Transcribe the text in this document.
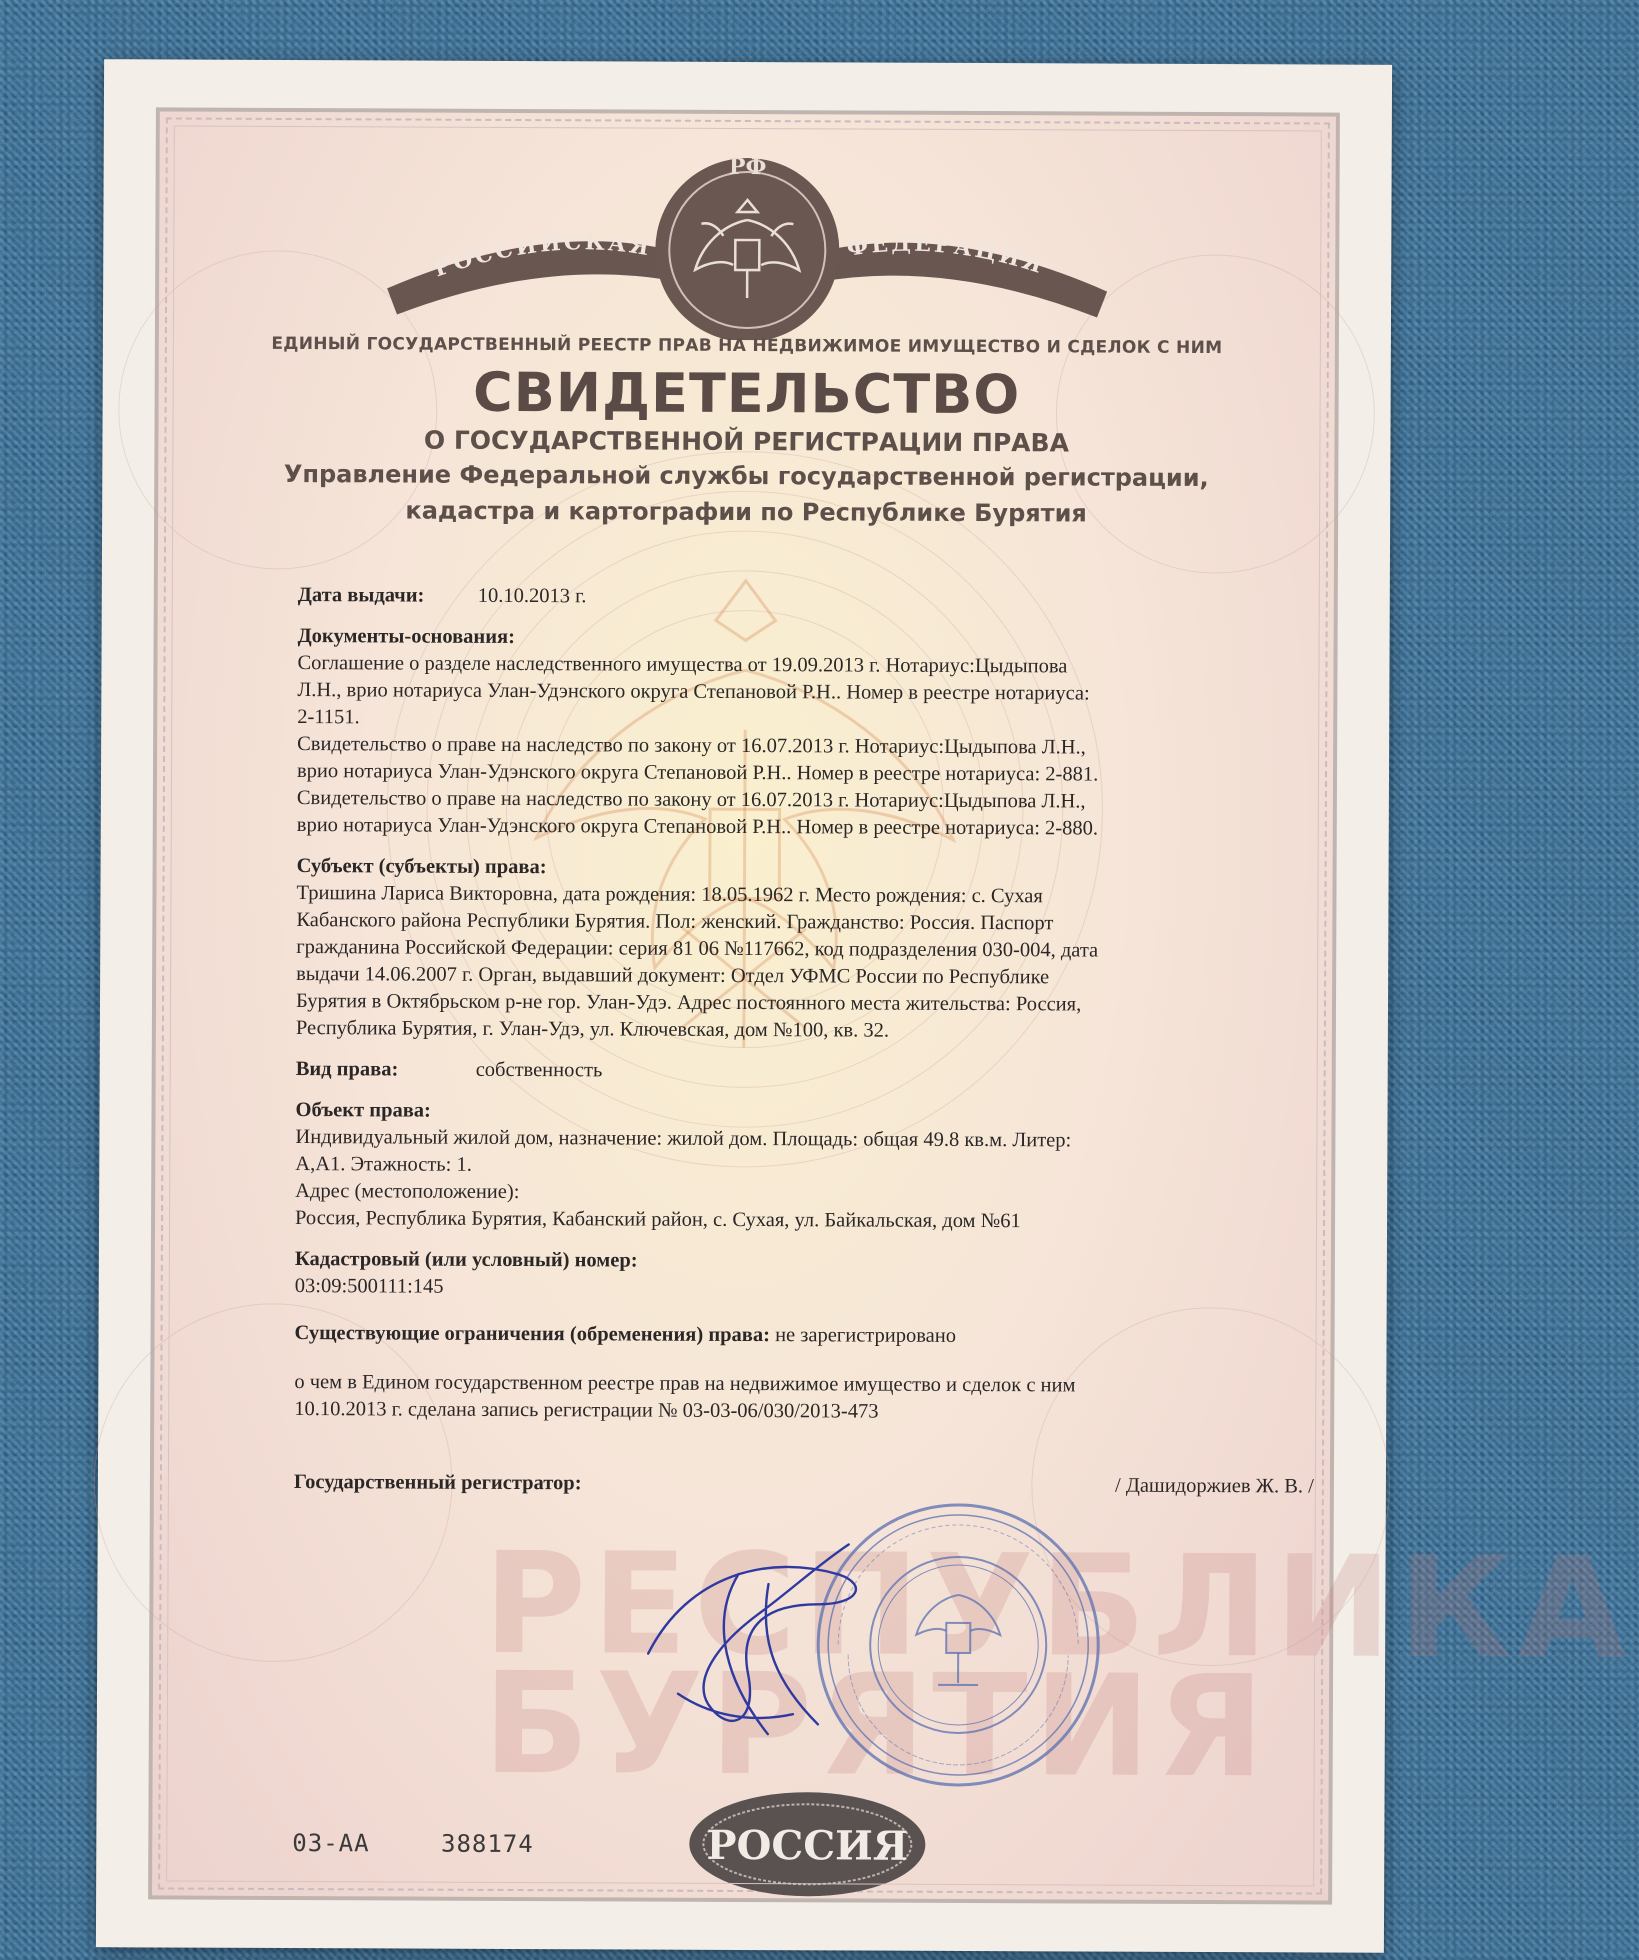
РОССИЙСКАЯ	ФЕДЕРАЦИЯ
РФ
ЕДИНЫЙ ГОСУДАРСТВЕННЫЙ РЕЕСТР ПРАВ НА НЕДВИЖИМОЕ ИМУЩЕСТВО И СДЕЛОК С НИМ
СВИДЕТЕЛЬСТВО
О ГОСУДАРСТВЕННОЙ РЕГИСТРАЦИИ ПРАВА
Управление Федеральной службы государственной регистрации,
кадастра и картографии по Республике Бурятия
РЕСПУБЛИКА
БУРЯТИЯ
Дата выдачи:	10.10.2013 г.
Документы-основания:
Соглашение о разделе наследственного имущества от 19.09.2013 г. Нотариус:Цыдыпова
Л.Н., врио нотариуса Улан-Удэнского округа Степановой Р.Н.. Номер в реестре нотариуса:
2-1151.
Свидетельство о праве на наследство по закону от 16.07.2013 г. Нотариус:Цыдыпова Л.Н.,
врио нотариуса Улан-Удэнского округа Степановой Р.Н.. Номер в реестре нотариуса: 2-881.
Свидетельство о праве на наследство по закону от 16.07.2013 г. Нотариус:Цыдыпова Л.Н.,
врио нотариуса Улан-Удэнского округа Степановой Р.Н.. Номер в реестре нотариуса: 2-880.
Субъект (субъекты) права:
Тришина Лариса Викторовна, дата рождения: 18.05.1962 г. Место рождения: с. Сухая
Кабанского района Республики Бурятия. Пол: женский. Гражданство: Россия. Паспорт
гражданина Российской Федерации: серия 81 06 №117662, код подразделения 030-004, дата
выдачи 14.06.2007 г. Орган, выдавший документ: Отдел УФМС России по Республике
Бурятия в Октябрьском р-не гор. Улан-Удэ. Адрес постоянного места жительства: Россия,
Республика Бурятия, г. Улан-Удэ, ул. Ключевская, дом №100, кв. 32.
Вид права:	собственность
Объект права:
Индивидуальный жилой дом, назначение: жилой дом. Площадь: общая 49.8 кв.м. Литер:
А,А1. Этажность: 1.
Адрес (местоположение):
Россия, Республика Бурятия, Кабанский район, с. Сухая, ул. Байкальская, дом №61
Кадастровый (или условный) номер:
03:09:500111:145
Существующие ограничения (обременения) права: не зарегистрировано
о чем в Едином государственном реестре прав на недвижимое имущество и сделок с ним
10.10.2013 г. сделана запись регистрации № 03-03-06/030/2013-473
Государственный регистратор:	/ Дашидоржиев Ж. В. /
03-АА	388174	РОССИЯ
